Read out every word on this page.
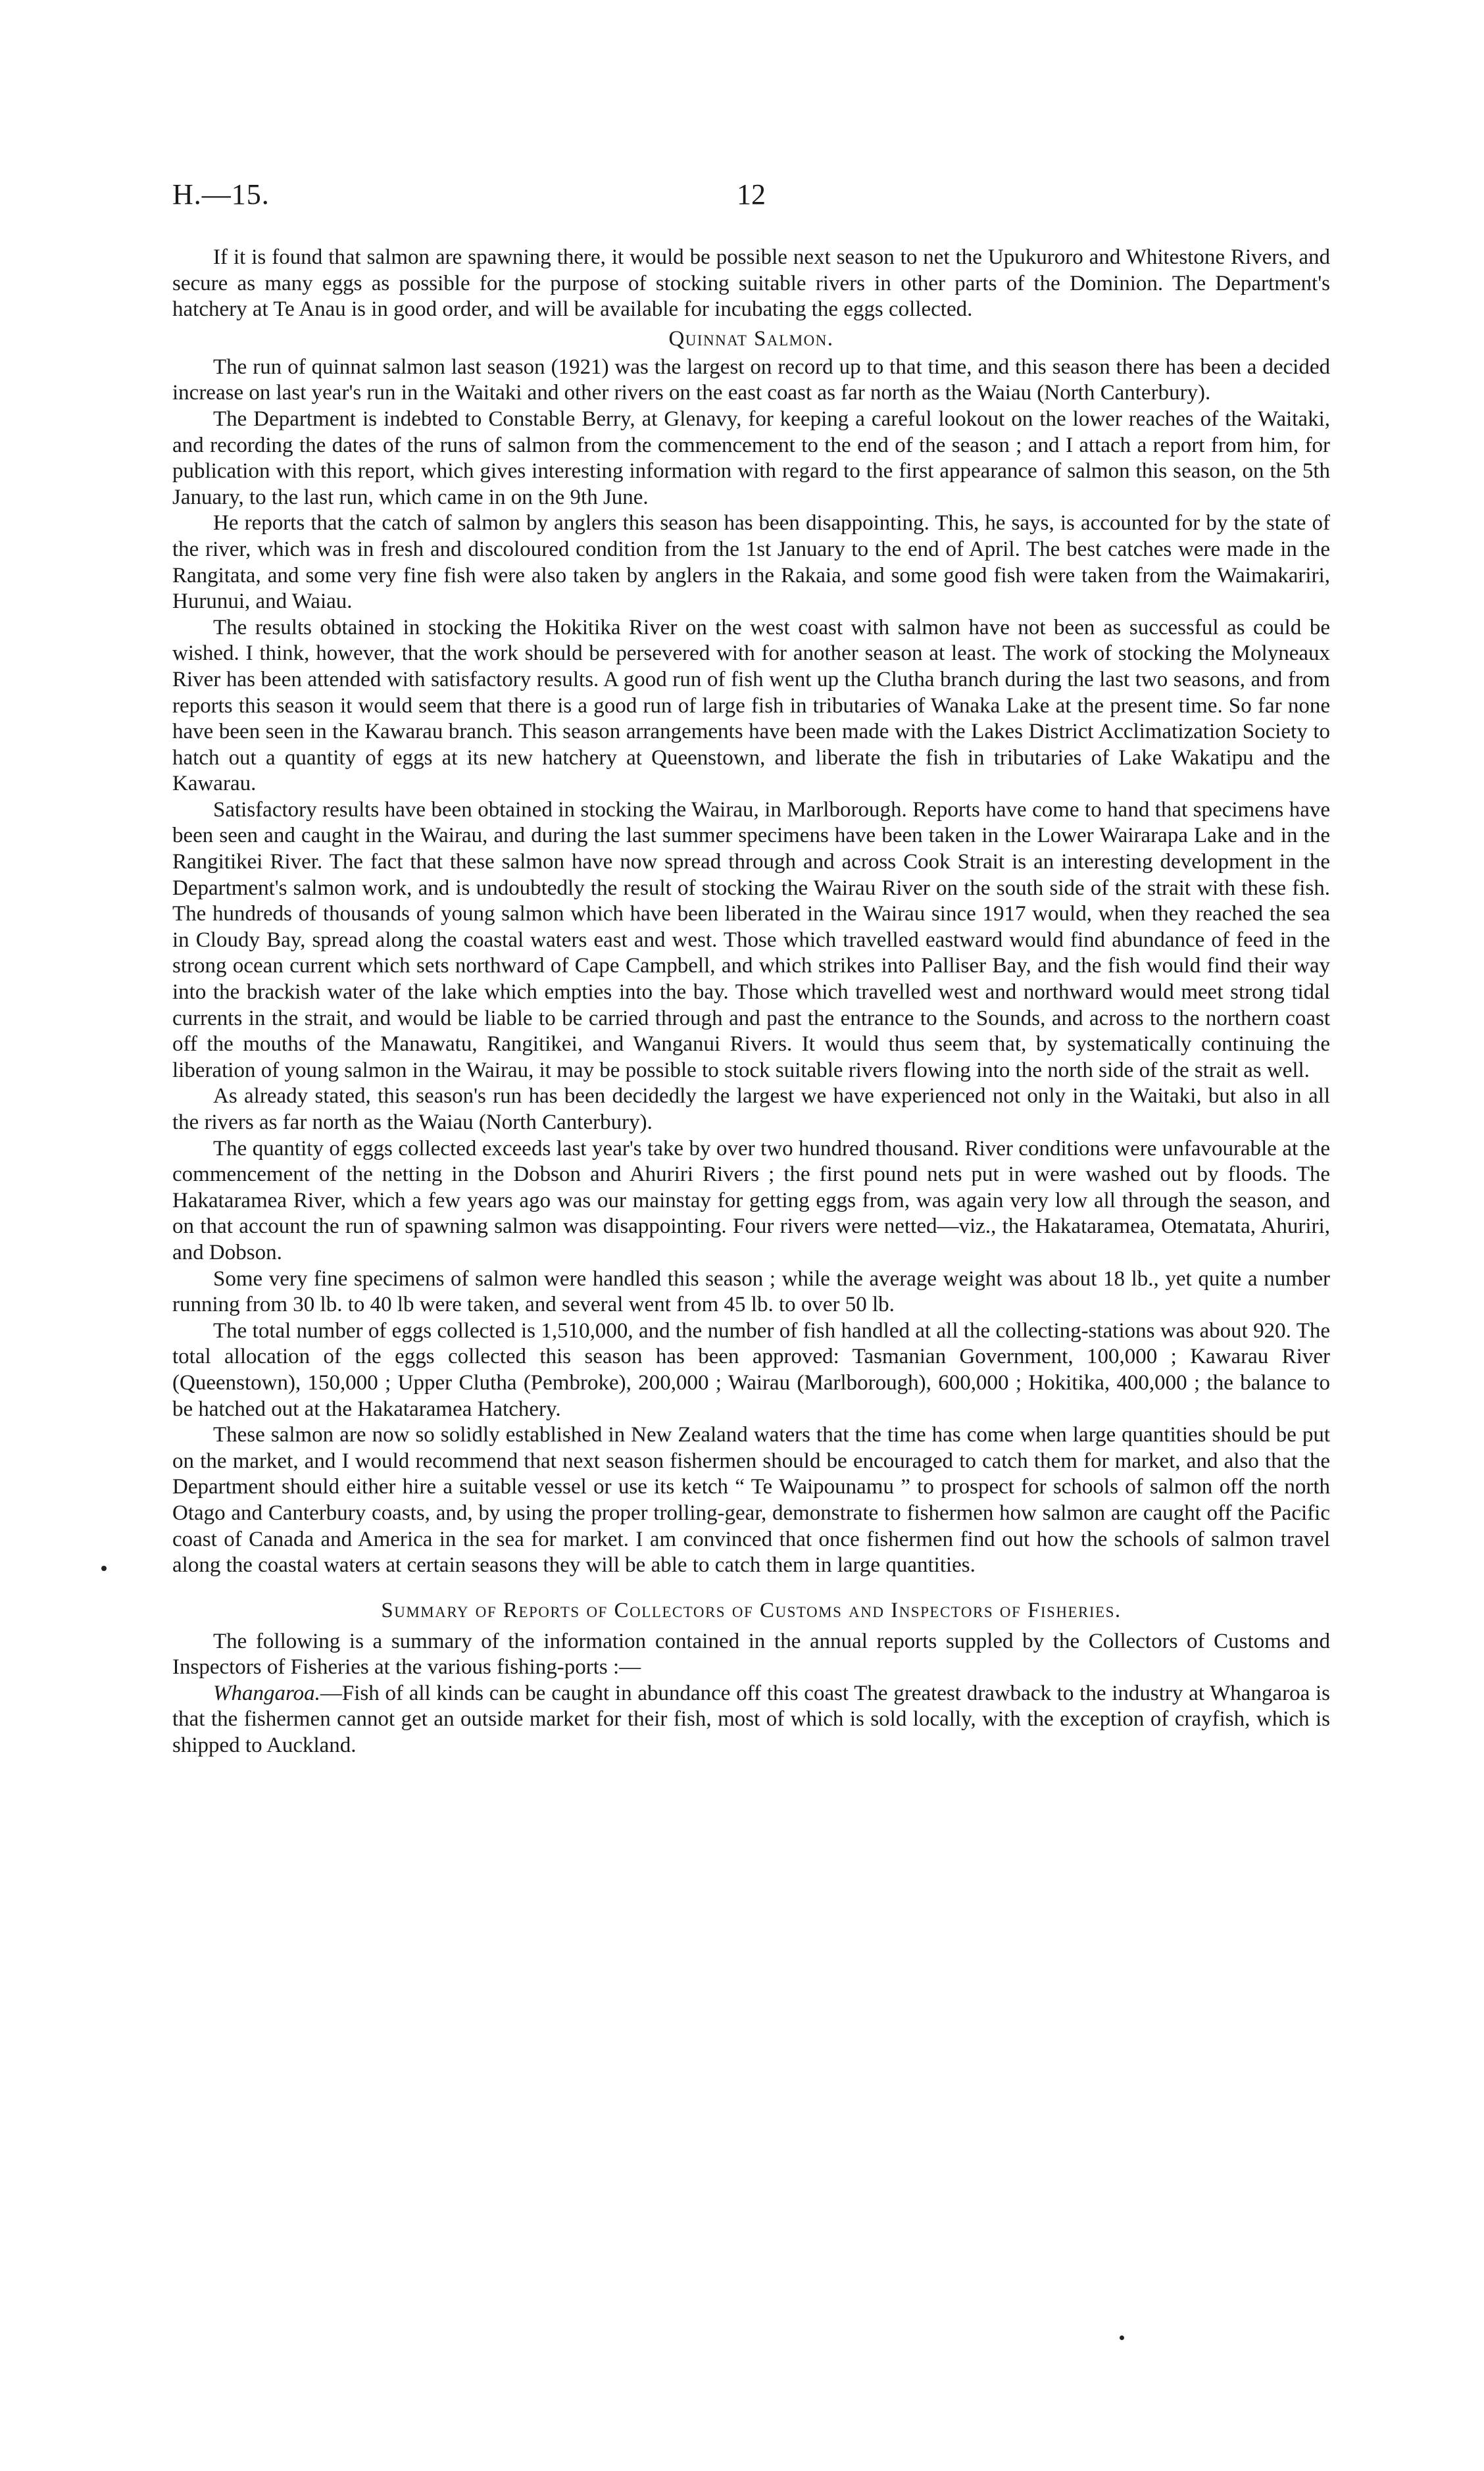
H.—15.	12

If it is found that salmon are spawning there, it would be possible next season to net the Upukuroro and Whitestone Rivers, and secure as many eggs as possible for the purpose of stocking suitable rivers in other parts of the Dominion. The Department's hatchery at Te Anau is in good order, and will be available for incubating the eggs collected.

Quinnat Salmon.

The run of quinnat salmon last season (1921) was the largest on record up to that time, and this season there has been a decided increase on last year's run in the Waitaki and other rivers on the east coast as far north as the Waiau (North Canterbury).

The Department is indebted to Constable Berry, at Glenavy, for keeping a careful lookout on the lower reaches of the Waitaki, and recording the dates of the runs of salmon from the commencement to the end of the season ; and I attach a report from him, for publication with this report, which gives interesting information with regard to the first appearance of salmon this season, on the 5th January, to the last run, which came in on the 9th June.

He reports that the catch of salmon by anglers this season has been disappointing. This, he says, is accounted for by the state of the river, which was in fresh and discoloured condition from the 1st January to the end of April. The best catches were made in the Rangitata, and some very fine fish were also taken by anglers in the Rakaia, and some good fish were taken from the Waimakariri, Hurunui, and Waiau.

The results obtained in stocking the Hokitika River on the west coast with salmon have not been as successful as could be wished. I think, however, that the work should be persevered with for another season at least. The work of stocking the Molyneaux River has been attended with satisfactory results. A good run of fish went up the Clutha branch during the last two seasons, and from reports this season it would seem that there is a good run of large fish in tributaries of Wanaka Lake at the present time. So far none have been seen in the Kawarau branch. This season arrangements have been made with the Lakes District Acclimatization Society to hatch out a quantity of eggs at its new hatchery at Queenstown, and liberate the fish in tributaries of Lake Wakatipu and the Kawarau.

Satisfactory results have been obtained in stocking the Wairau, in Marlborough. Reports have come to hand that specimens have been seen and caught in the Wairau, and during the last summer specimens have been taken in the Lower Wairarapa Lake and in the Rangitikei River. The fact that these salmon have now spread through and across Cook Strait is an interesting development in the Department's salmon work, and is undoubtedly the result of stocking the Wairau River on the south side of the strait with these fish. The hundreds of thousands of young salmon which have been liberated in the Wairau since 1917 would, when they reached the sea in Cloudy Bay, spread along the coastal waters east and west. Those which travelled eastward would find abundance of feed in the strong ocean current which sets northward of Cape Campbell, and which strikes into Palliser Bay, and the fish would find their way into the brackish water of the lake which empties into the bay. Those which travelled west and northward would meet strong tidal currents in the strait, and would be liable to be carried through and past the entrance to the Sounds, and across to the northern coast off the mouths of the Manawatu, Rangitikei, and Wanganui Rivers. It would thus seem that, by systematically continuing the liberation of young salmon in the Wairau, it may be possible to stock suitable rivers flowing into the north side of the strait as well.

As already stated, this season's run has been decidedly the largest we have experienced not only in the Waitaki, but also in all the rivers as far north as the Waiau (North Canterbury).

The quantity of eggs collected exceeds last year's take by over two hundred thousand. River conditions were unfavourable at the commencement of the netting in the Dobson and Ahuriri Rivers ; the first pound nets put in were washed out by floods. The Hakataramea River, which a few years ago was our mainstay for getting eggs from, was again very low all through the season, and on that account the run of spawning salmon was disappointing. Four rivers were netted—viz., the Hakataramea, Otematata, Ahuriri, and Dobson.

Some very fine specimens of salmon were handled this season ; while the average weight was about 18 lb., yet quite a number running from 30 lb. to 40 lb were taken, and several went from 45 lb. to over 50 lb.

The total number of eggs collected is 1,510,000, and the number of fish handled at all the collecting-stations was about 920. The total allocation of the eggs collected this season has been approved: Tasmanian Government, 100,000 ; Kawarau River (Queenstown), 150,000 ; Upper Clutha (Pembroke), 200,000 ; Wairau (Marlborough), 600,000 ; Hokitika, 400,000 ; the balance to be hatched out at the Hakataramea Hatchery.

These salmon are now so solidly established in New Zealand waters that the time has come when large quantities should be put on the market, and I would recommend that next season fishermen should be encouraged to catch them for market, and also that the Department should either hire a suitable vessel or use its ketch “ Te Waipounamu ” to prospect for schools of salmon off the north Otago and Canterbury coasts, and, by using the proper trolling-gear, demonstrate to fishermen how salmon are caught off the Pacific coast of Canada and America in the sea for market. I am convinced that once fishermen find out how the schools of salmon travel along the coastal waters at certain seasons they will be able to catch them in large quantities.

Summary of Reports of Collectors of Customs and Inspectors of Fisheries.

The following is a summary of the information contained in the annual reports suppled by the Collectors of Customs and Inspectors of Fisheries at the various fishing-ports :—

Whangaroa.—Fish of all kinds can be caught in abundance off this coast The greatest drawback to the industry at Whangaroa is that the fishermen cannot get an outside market for their fish, most of which is sold locally, with the exception of crayfish, which is shipped to Auckland.
